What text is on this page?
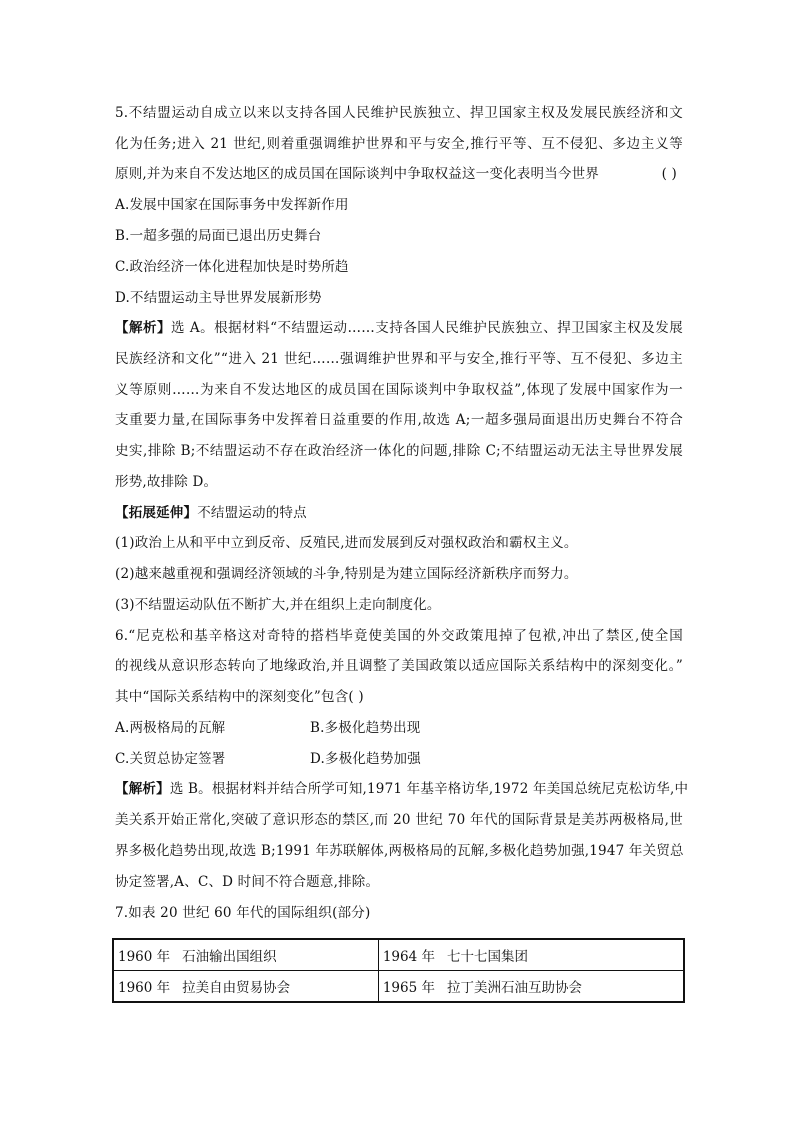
5.不结盟运动自成立以来以支持各国人民维护民族独立、捍卫国家主权及发展民族经济和文
化为任务;进入 21 世纪,则着重强调维护世界和平与安全,推行平等、互不侵犯、多边主义等
原则,并为来自不发达地区的成员国在国际谈判中争取权益这一变化表明当今世界	( )
A.发展中国家在国际事务中发挥新作用
B.一超多强的局面已退出历史舞台
C.政治经济一体化进程加快是时势所趋
D.不结盟运动主导世界发展新形势
【解析】选 A。根据材料“不结盟运动……支持各国人民维护民族独立、捍卫国家主权及发展
民族经济和文化”“进入 21 世纪……强调维护世界和平与安全,推行平等、互不侵犯、多边主
义等原则……为来自不发达地区的成员国在国际谈判中争取权益”,体现了发展中国家作为一
支重要力量,在国际事务中发挥着日益重要的作用,故选 A;一超多强局面退出历史舞台不符合
史实,排除 B;不结盟运动不存在政治经济一体化的问题,排除 C;不结盟运动无法主导世界发展
形势,故排除 D。
【拓展延伸】不结盟运动的特点
(1)政治上从和平中立到反帝、反殖民,进而发展到反对强权政治和霸权主义。
(2)越来越重视和强调经济领域的斗争,特别是为建立国际经济新秩序而努力。
(3)不结盟运动队伍不断扩大,并在组织上走向制度化。
6.“尼克松和基辛格这对奇特的搭档毕竟使美国的外交政策甩掉了包袱,冲出了禁区,使全国
的视线从意识形态转向了地缘政治,并且调整了美国政策以适应国际关系结构中的深刻变化。”
其中“国际关系结构中的深刻变化”包含( )
A.两极格局的瓦解	B.多极化趋势出现
C.关贸总协定签署	D.多极化趋势加强
【解析】选 B。根据材料并结合所学可知,1971 年基辛格访华,1972 年美国总统尼克松访华,中
美关系开始正常化,突破了意识形态的禁区,而 20 世纪 70 年代的国际背景是美苏两极格局,世
界多极化趋势出现,故选 B;1991 年苏联解体,两极格局的瓦解,多极化趋势加强,1947 年关贸总
协定签署,A、C、D 时间不符合题意,排除。
7.如表 20 世纪 60 年代的国际组织(部分)
1960 年 石油输出国组织	1964 年 七十七国集团
1960 年 拉美自由贸易协会	1965 年 拉丁美洲石油互助协会
